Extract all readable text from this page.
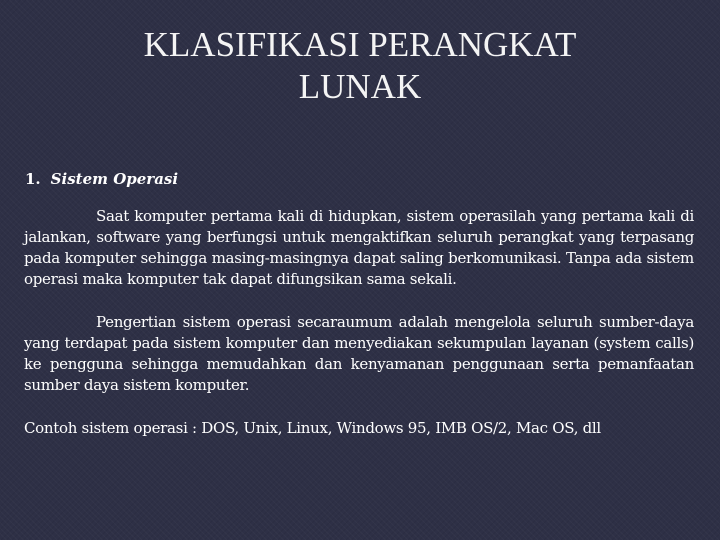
KLASIFIKASI PERANGKAT
LUNAK
1. Sistem Operasi

Saat komputer pertama kali di hidupkan, sistem operasilah yang pertama kali di jalankan, software yang berfungsi untuk mengaktifkan seluruh perangkat yang terpasang pada komputer sehingga masing-masingnya dapat saling berkomunikasi. Tanpa ada sistem operasi maka komputer tak dapat difungsikan sama sekali.

Pengertian sistem operasi secaraumum adalah mengelola seluruh sumber-daya yang terdapat pada sistem komputer dan menyediakan sekumpulan layanan (system calls) ke pengguna sehingga memudahkan dan kenyamanan penggunaan serta pemanfaatan sumber daya sistem komputer.

Contoh sistem operasi : DOS, Unix, Linux, Windows 95, IMB OS/2, Mac OS, dll
